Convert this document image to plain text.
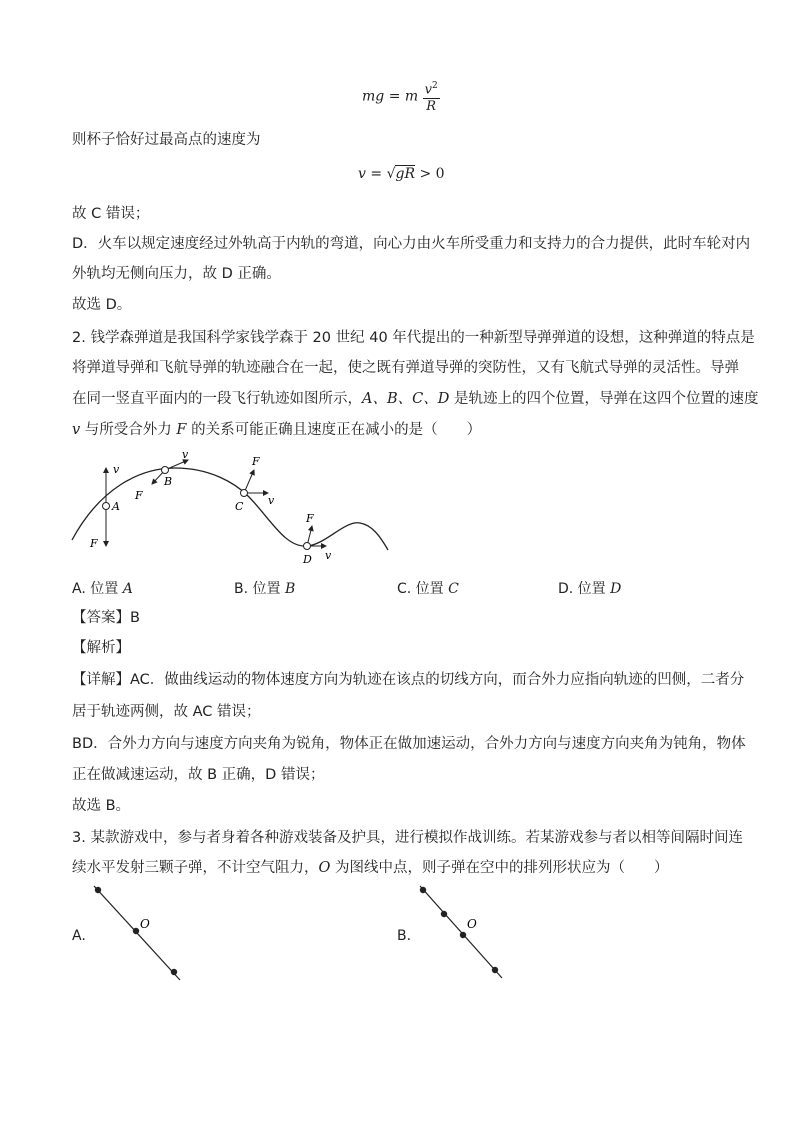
mg = m $\frac{v^2}{R}$
则杯子恰好过最高点的速度为
v = √gR > 0
故 C 错误；
D．火车以规定速度经过外轨高于内轨的弯道，向心力由火车所受重力和支持力的合力提供，此时车轮对内
外轨均无侧向压力，故 D 正确。
故选 D。
2. 钱学森弹道是我国科学家钱学森于 20 世纪 40 年代提出的一种新型导弹弹道的设想，这种弹道的特点是
将弹道导弹和飞航导弹的轨迹融合在一起，使之既有弹道导弹的突防性，又有飞航式导弹的灵活性。导弹
在同一竖直平面内的一段飞行轨迹如图所示，A、B、C、D 是轨迹上的四个位置，导弹在这四个位置的速度
v 与所受合外力 F 的关系可能正确且速度正在减小的是（　　）
A
v
F
B
v
F
C
F
v
D
F
v
A. 位置 A	B. 位置 B	C. 位置 C	D. 位置 D
【答案】B
【解析】
【详解】AC．做曲线运动的物体速度方向为轨迹在该点的切线方向，而合外力应指向轨迹的凹侧，二者分
居于轨迹两侧，故 AC 错误；
BD．合外力方向与速度方向夹角为锐角，物体正在做加速运动，合外力方向与速度方向夹角为钝角，物体
正在做减速运动，故 B 正确，D 错误；
故选 B。
3. 某款游戏中，参与者身着各种游戏装备及护具，进行模拟作战训练。若某游戏参与者以相等间隔时间连
续水平发射三颗子弹，不计空气阻力，O 为图线中点，则子弹在空中的排列形状应为（　　）
A.
O
B.
O
